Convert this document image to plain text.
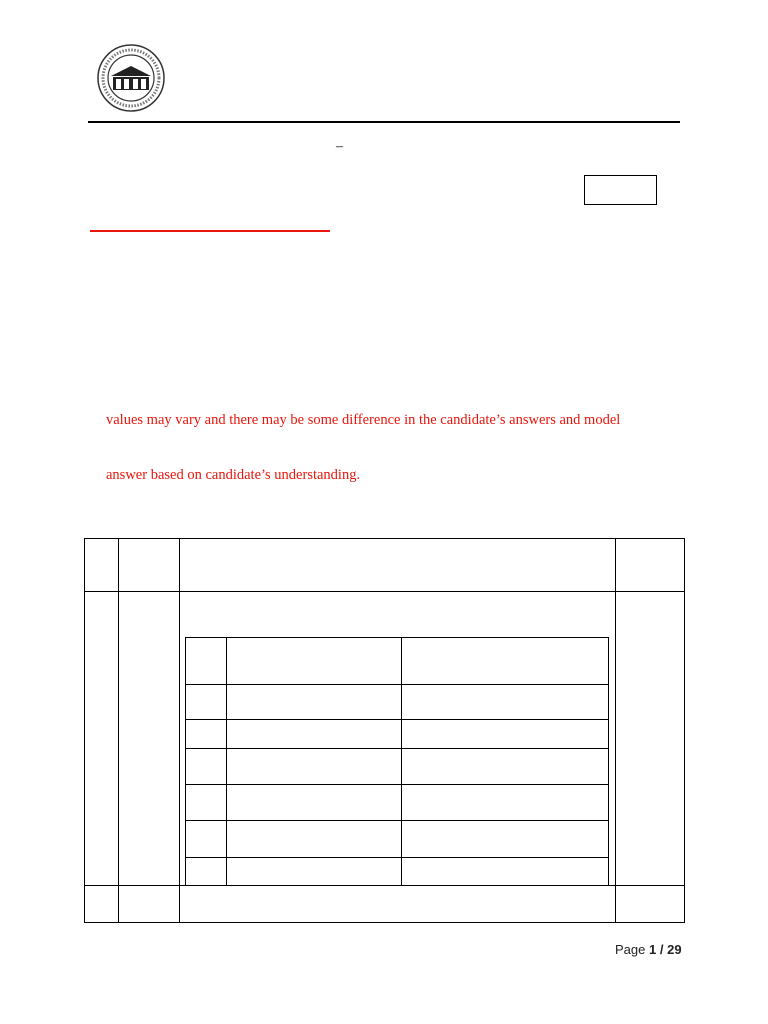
–
values may vary and there may be some difference in the candidate’s answers and model
answer based on candidate’s understanding.
Page 1 / 29
